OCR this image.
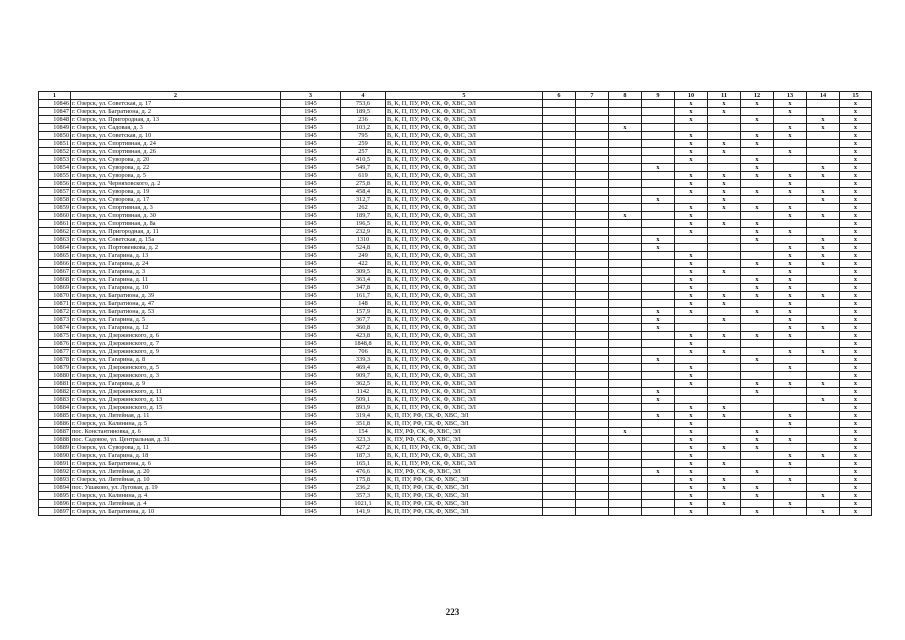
1	2	3	4	5	6	7	8	9	10	11	12	13	14	15
10846	г. Озерск, ул. Советская, д. 17	1945	753,6	В, К, П, ПУ, РФ, СК, Ф, ХВС, ЭЛ					х	х	х	х		х
10847	г. Озерск, ул. Багратиона, д. 2	1945	189,5	В, К, П, ПУ, РФ, СК, Ф, ХВС, ЭЛ					х	х		х		х
10848	г. Озерск, ул. Пригородная, д. 13	1945	236	В, К, П, ПУ, РФ, СК, Ф, ХВС, ЭЛ					х		х		х	х
10849	г. Озерск, ул. Садовая, д. 3	1945	103,2	В, К, П, ПУ, РФ, СК, Ф, ХВС, ЭЛ			х					х	х	х
10850	г. Озерск, ул. Советская, д. 10	1945	795	В, К, П, ПУ, РФ, СК, Ф, ХВС, ЭЛ					х		х	х		х
10851	г. Озерск, ул. Спортивная, д. 24	1945	259	В, К, П, ПУ, РФ, СК, Ф, ХВС, ЭЛ					х	х	х			х
10852	г. Озерск, ул. Спортивная, д. 26	1945	257	В, К, П, ПУ, РФ, СК, Ф, ХВС, ЭЛ					х	х		х		х
10853	г. Озерск, ул. Суворова, д. 20	1945	410,5	В, К, П, ПУ, РФ, СК, Ф, ХВС, ЭЛ					х		х			х
10854	г. Озерск, ул. Суворова, д. 22	1945	549,7	В, К, П, ПУ, РФ, СК, Ф, ХВС, ЭЛ				х			х		х	х
10855	г. Озерск, ул. Суворова, д. 5	1945	619	В, К, П, ПУ, РФ, СК, Ф, ХВС, ЭЛ					х	х	х	х	х	х
10856	г. Озерск, ул. Черняховского, д. 2	1945	275,8	В, К, П, ПУ, РФ, СК, Ф, ХВС, ЭЛ					х	х		х		х
10857	г. Озерск, ул. Суворова, д. 19	1945	458,4	В, К, П, ПУ, РФ, СК, Ф, ХВС, ЭЛ					х	х	х	х	х	х
10858	г. Озерск, ул. Суворова, д. 17	1945	312,7	В, К, П, ПУ, РФ, СК, Ф, ХВС, ЭЛ				х		х			х	х
10859	г. Озерск, ул. Спортивная, д. 3	1945	262	В, К, П, ПУ, РФ, СК, Ф, ХВС, ЭЛ					х	х	х	х		х
10860	г. Озерск, ул. Спортивная, д. 30	1945	189,7	В, К, П, ПУ, РФ, СК, Ф, ХВС, ЭЛ			х		х			х	х	х
10861	г. Озерск, ул. Спортивная, д. 8а	1945	196,5	В, К, П, ПУ, РФ, СК, Ф, ХВС, ЭЛ					х	х	х			х
10862	г. Озерск, ул. Пригородная, д. 11	1945	232,9	В, К, П, ПУ, РФ, СК, Ф, ХВС, ЭЛ					х		х	х		х
10863	г. Озерск, ул. Советская, д. 15а	1945	1310	В, К, П, ПУ, РФ, СК, Ф, ХВС, ЭЛ				х			х		х	х
10864	г. Озерск, ул. Портовенкова, д. 2	1945	524,8	В, К, П, ПУ, РФ, СК, Ф, ХВС, ЭЛ				х				х	х	х
10865	г. Озерск, ул. Гагарина, д. 13	1945	249	В, К, П, ПУ, РФ, СК, Ф, ХВС, ЭЛ					х			х	х	х
10866	г. Озерск, ул. Гагарина, д. 24	1945	422	В, К, П, ПУ, РФ, СК, Ф, ХВС, ЭЛ					х		х	х	х	х
10867	г. Озерск, ул. Гагарина, д. 3	1945	309,5	В, К, П, ПУ, РФ, СК, Ф, ХВС, ЭЛ					х	х		х		х
10868	г. Озерск, ул. Гагарина, д. 11	1945	363,4	В, К, П, ПУ, РФ, СК, Ф, ХВС, ЭЛ					х		х	х		х
10869	г. Озерск, ул. Гагарина, д. 10	1945	347,8	В, К, П, ПУ, РФ, СК, Ф, ХВС, ЭЛ					х		х	х		х
10870	г. Озерск, ул. Багратиона, д. 39	1945	161,7	В, К, П, ПУ, РФ, СК, Ф, ХВС, ЭЛ					х	х	х	х	х	х
10871	г. Озерск, ул. Багратиона, д. 47	1945	148	В, К, П, ПУ, РФ, СК, Ф, ХВС, ЭЛ					х	х		х		х
10872	г. Озерск, ул. Багратиона, д. 53	1945	157,9	В, К, П, ПУ, РФ, СК, Ф, ХВС, ЭЛ				х	х		х	х		х
10873	г. Озерск, ул. Гагарина, д. 5	1945	367,7	В, К, П, ПУ, РФ, СК, Ф, ХВС, ЭЛ				х		х		х		х
10874	г. Озерск, ул. Гагарина, д. 12	1945	360,8	В, К, П, ПУ, РФ, СК, Ф, ХВС, ЭЛ				х				х	х	х
10875	г. Озерск, ул. Дзержинского, д. 6	1945	423,8	В, К, П, ПУ, РФ, СК, Ф, ХВС, ЭЛ					х	х	х	х		х
10876	г. Озерск, ул. Дзержинского, д. 7	1945	1848,8	В, К, П, ПУ, РФ, СК, Ф, ХВС, ЭЛ					х					х
10877	г. Озерск, ул. Дзержинского, д. 9	1945	706	В, К, П, ПУ, РФ, СК, Ф, ХВС, ЭЛ					х	х		х	х	х
10878	г. Озерск, ул. Гагарина, д. 8	1945	339,3	В, К, П, ПУ, РФ, СК, Ф, ХВС, ЭЛ				х			х			х
10879	г. Озерск, ул. Дзержинского, д. 5	1945	469,4	В, К, П, ПУ, РФ, СК, Ф, ХВС, ЭЛ					х			х		х
10880	г. Озерск, ул. Дзержинского, д. 3	1945	909,7	В, К, П, ПУ, РФ, СК, Ф, ХВС, ЭЛ					х					х
10881	г. Озерск, ул. Гагарина, д. 9	1945	362,5	В, К, П, ПУ, РФ, СК, Ф, ХВС, ЭЛ					х		х	х	х	х
10882	г. Озерск, ул. Дзержинского, д. 11	1945	1142	В, К, П, ПУ, РФ, СК, Ф, ХВС, ЭЛ				х			х			х
10883	г. Озерск, ул. Дзержинского, д. 13	1945	509,1	В, К, П, ПУ, РФ, СК, Ф, ХВС, ЭЛ				х					х	х
10884	г. Озерск, ул. Дзержинского, д. 15	1945	893,9	В, К, П, ПУ, РФ, СК, Ф, ХВС, ЭЛ					х	х				х
10885	г. Озерск, ул. Литейная, д. 11	1945	319,4	К, П, ПУ, РФ, СК, Ф, ХВС, ЭЛ				х	х	х		х		х
10886	г. Озерск, ул. Калинина, д. 5	1945	351,8	К, П, ПУ, РФ, СК, Ф, ХВС, ЭЛ					х			х		х
10887	пос. Константиновка, д. 6	1945	154	К, ПУ, РФ, СК, Ф, ХВС, ЭЛ			х		х		х			х
10888	пос. Садовое, ул. Центральная, д. 31	1945	323,3	К, ПУ, РФ, СК, Ф, ХВС, ЭЛ					х		х	х		х
10889	г. Озерск, ул. Суворова, д. 11	1945	427,2	В, К, П, ПУ, РФ, СК, Ф, ХВС, ЭЛ					х	х	х			х
10890	г. Озерск, ул. Гагарина, д. 18	1945	187,3	В, К, П, ПУ, РФ, СК, Ф, ХВС, ЭЛ					х			х	х	х
10891	г. Озерск, ул. Багратиона, д. 6	1945	165,1	В, К, П, ПУ, РФ, СК, Ф, ХВС, ЭЛ					х	х		х		х
10892	г. Озерск, ул. Литейная, д. 20	1945	476,6	К, ПУ, РФ, СК, Ф, ХВС, ЭЛ				х	х		х			х
10893	г. Озерск, ул. Литейная, д. 10	1945	175,8	К, П, ПУ, РФ, СК, Ф, ХВС, ЭЛ					х	х		х		х
10894	пос. Ушаково, ул. Луговая, д. 19	1945	236,2	К, П, ПУ, РФ, СК, Ф, ХВС, ЭЛ					х	х	х			х
10895	г. Озерск, ул. Калинина, д. 4	1945	357,3	К, П, ПУ, РФ, СК, Ф, ХВС, ЭЛ					х		х		х	х
10896	г. Озерск, ул. Литейная, д. 4	1945	1021,1	К, П, ПУ, РФ, СК, Ф, ХВС, ЭЛ					х	х		х		х
10897	г. Озерск, ул. Багратиона, д. 10	1945	141,9	К, П, ПУ, РФ, СК, Ф, ХВС, ЭЛ					х		х		х	х
223
